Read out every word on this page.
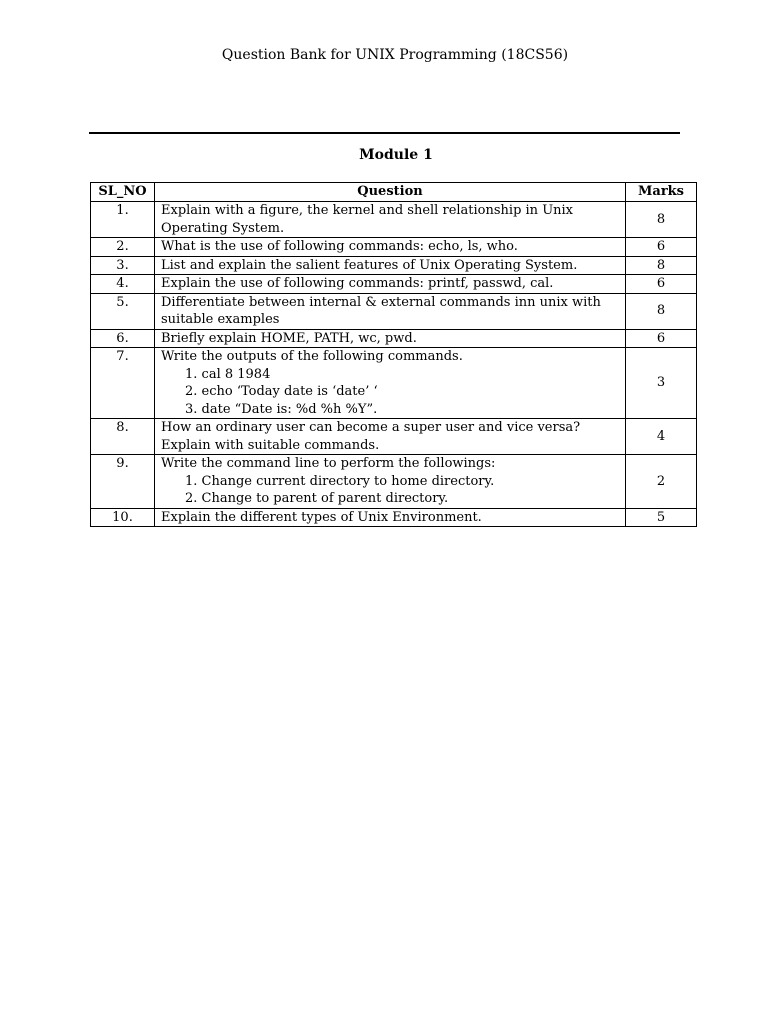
Question Bank for UNIX Programming (18CS56)
Module 1
SL_NO	Question	Marks
1.	Explain with a figure, the kernel and shell relationship in Unix Operating System.	8
2.	What is the use of following commands: echo, ls, who.	6
3.	List and explain the salient features of Unix Operating System.	8
4.	Explain the use of following commands: printf, passwd, cal.	6
5.	Differentiate between internal & external commands inn unix with suitable examples	8
6.	Briefly explain HOME, PATH, wc, pwd.	6
7.	Write the outputs of the following commands.
1. cal 8 1984
2. echo ‘Today date is ‘date’ ‘
3. date “Date is: %d %h %Y”.	3
8.	How an ordinary user can become a super user and vice versa? Explain with suitable commands.	4
9.	Write the command line to perform the followings:
1. Change current directory to home directory.
2. Change to parent of parent directory.	2
10.	Explain the different types of Unix Environment.	5
